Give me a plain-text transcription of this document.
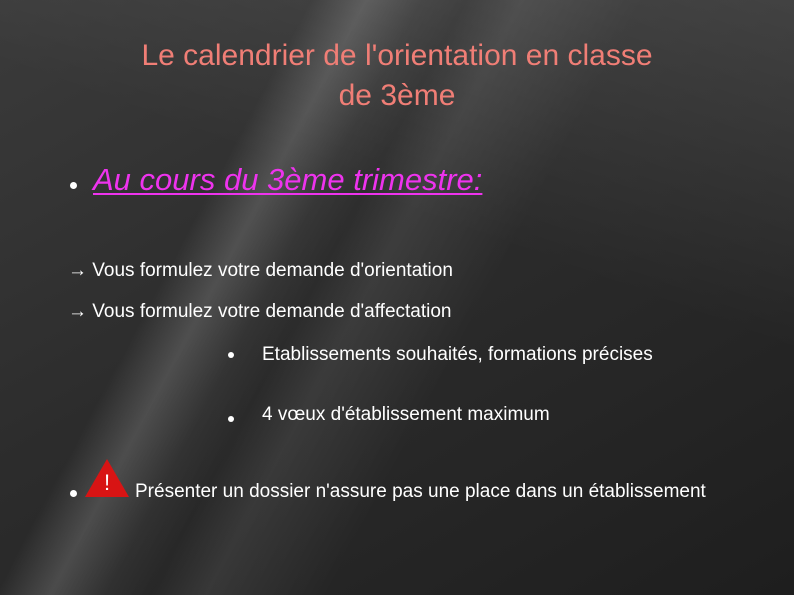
Le calendrier de l'orientation en classe
de 3ème
Au cours du 3ème trimestre:
→ Vous formulez votre demande d'orientation
→ Vous formulez votre demande d'affectation
Etablissements souhaités, formations précises
4 vœux d'établissement maximum
!	Présenter un dossier n'assure pas une place dans un établissement
